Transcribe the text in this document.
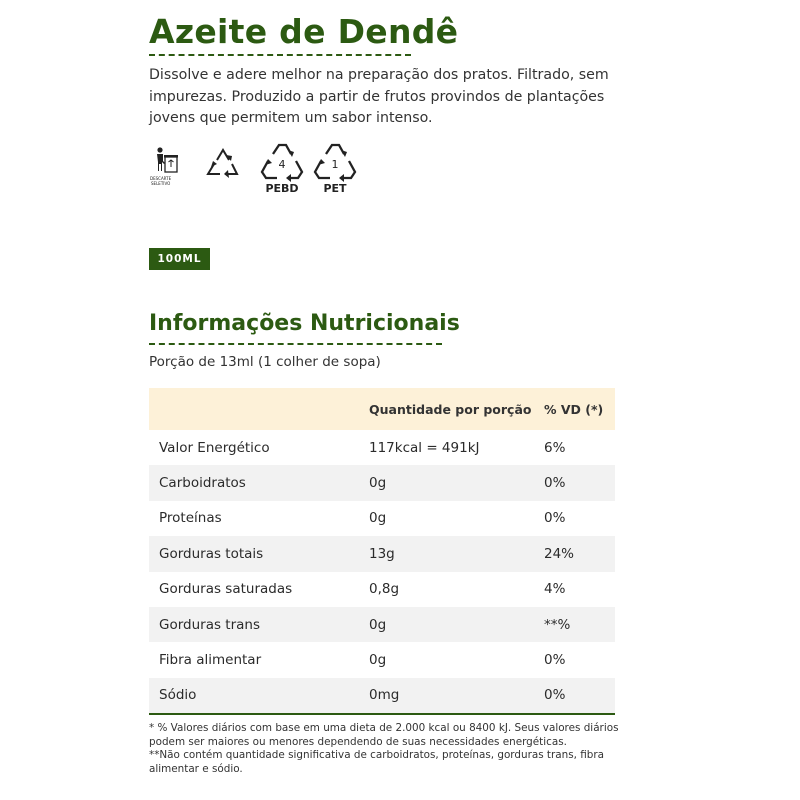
Azeite de Dendê

Dissolve e adere melhor na preparação dos pratos. Filtrado, sem impurezas. Produzido a partir de frutos provindos de plantações jovens que permitem um sabor intenso.

DESCARTE
SELETIVO
4
PEBD
1
PET
100ML
Informações Nutricionais
Porção de 13ml (1 colher de sopa)
	Quantidade por porção	% VD (*)
Valor Energético	117kcal = 491kJ	6%
Carboidratos	0g	0%
Proteínas	0g	0%
Gorduras totais	13g	24%
Gorduras saturadas	0,8g	4%
Gorduras trans	0g	**%
Fibra alimentar	0g	0%
Sódio	0mg	0%
* % Valores diários com base em uma dieta de 2.000 kcal ou 8400 kJ. Seus valores diários podem ser maiores ou menores dependendo de suas necessidades energéticas.
**Não contém quantidade significativa de carboidratos, proteínas, gorduras trans, fibra alimentar e sódio.
